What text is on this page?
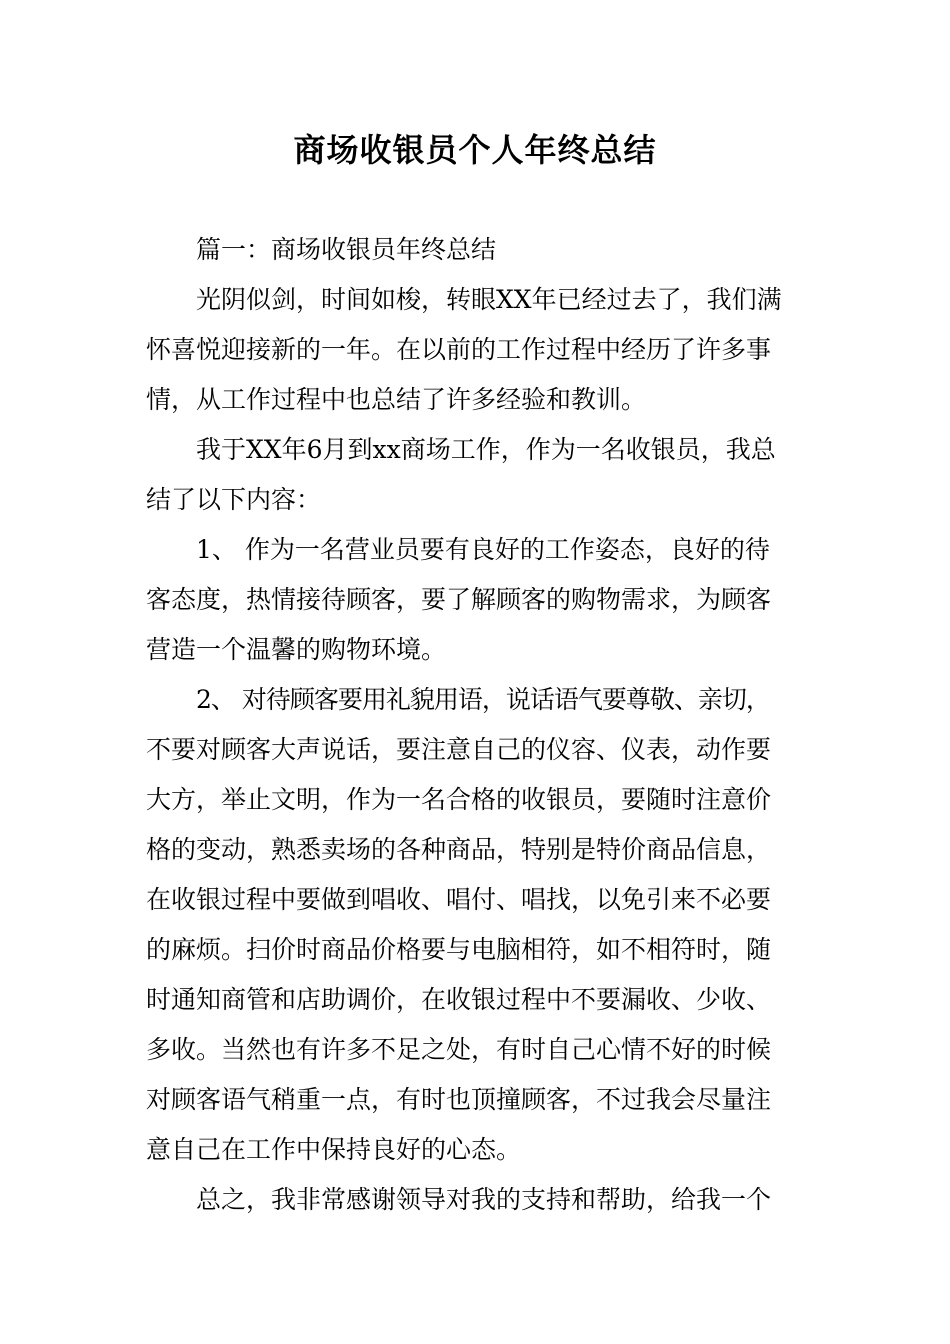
商场收银员个人年终总结

篇一：商场收银员年终总结

光阴似剑，时间如梭，转眼XX年已经过去了，我们满
怀喜悦迎接新的一年。在以前的工作过程中经历了许多事
情，从工作过程中也总结了许多经验和教训。

我于XX年6月到xx商场工作，作为一名收银员，我总
结了以下内容：

1、 作为一名营业员要有良好的工作姿态，良好的待
客态度，热情接待顾客，要了解顾客的购物需求，为顾客
营造一个温馨的购物环境。

2、 对待顾客要用礼貌用语，说话语气要尊敬、亲切，
不要对顾客大声说话，要注意自己的仪容、仪表，动作要
大方，举止文明，作为一名合格的收银员，要随时注意价
格的变动，熟悉卖场的各种商品，特别是特价商品信息，
在收银过程中要做到唱收、唱付、唱找，以免引来不必要
的麻烦。扫价时商品价格要与电脑相符，如不相符时，随
时通知商管和店助调价，在收银过程中不要漏收、少收、
多收。当然也有许多不足之处，有时自己心情不好的时候
对顾客语气稍重一点，有时也顶撞顾客，不过我会尽量注
意自己在工作中保持良好的心态。

总之，我非常感谢领导对我的支持和帮助，给我一个
